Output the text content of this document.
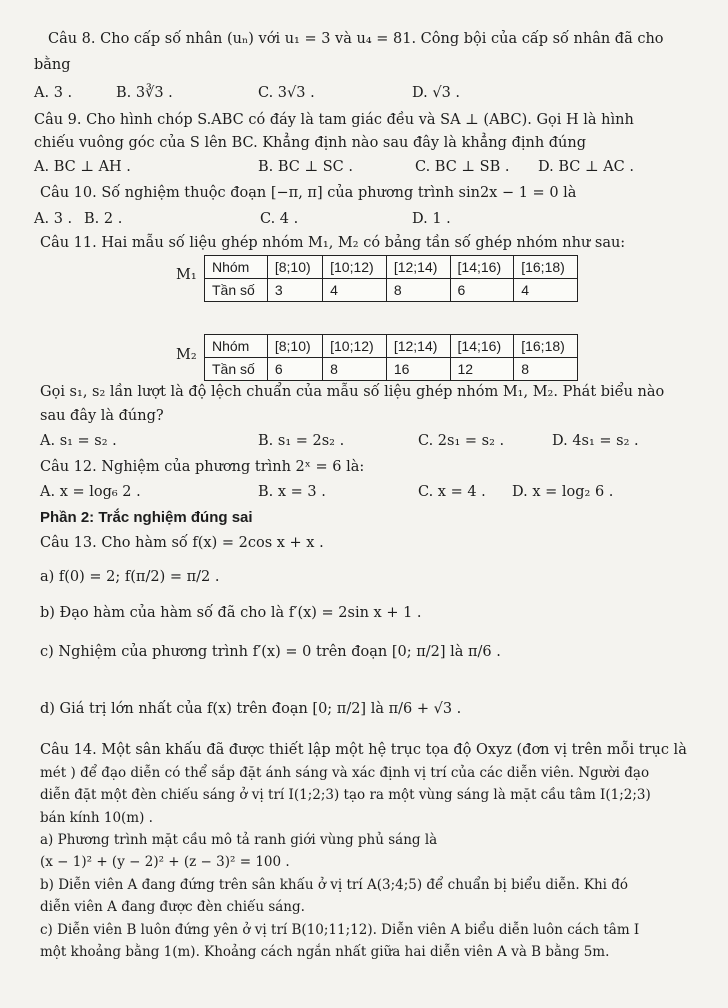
Câu 8. Cho cấp số nhân (uₙ) với u₁ = 3 và u₄ = 81. Công bội của cấp số nhân đã cho
bằng
A. 3 .	B. 3∛3 .	C. 3√3 .	D. √3 .
Câu 9. Cho hình chóp S.ABC có đáy là tam giác đều và SA ⊥ (ABC). Gọi H là hình
chiếu vuông góc của S lên BC. Khẳng định nào sau đây là khẳng định đúng
A. BC ⊥ AH .	B. BC ⊥ SC .	C. BC ⊥ SB . D. BC ⊥ AC .
Câu 10. Số nghiệm thuộc đoạn [−π, π] của phương trình sin2x − 1 = 0 là
A. 3 . B. 2 .	C. 4 .	D. 1 .
Câu 11. Hai mẫu số liệu ghép nhóm M₁, M₂ có bảng tần số ghép nhóm như sau:
M₁ Nhóm	[8;10)	[10;12)	[12;14)	[14;16)	[16;18)
Tần số	3	4	8	6	4
M₂
Nhóm	[8;10)	[10;12)	[12;14)	[14;16)	[16;18)
Tần số	6	8	16	12	8
Gọi s₁, s₂ lần lượt là độ lệch chuẩn của mẫu số liệu ghép nhóm M₁, M₂. Phát biểu nào
sau đây là đúng?
A. s₁ = s₂ .	B. s₁ = 2s₂ .	C. 2s₁ = s₂ .	D. 4s₁ = s₂ .
Câu 12. Nghiệm của phương trình 2ˣ = 6 là:
A. x = log₆ 2 .	B. x = 3 .	C. x = 4 . D. x = log₂ 6 .
Phần 2: Trắc nghiệm đúng sai
Câu 13. Cho hàm số f(x) = 2cos x + x .
a) f(0) = 2; f(π/2) = π/2 .
b) Đạo hàm của hàm số đã cho là f′(x) = 2sin x + 1 .
c) Nghiệm của phương trình f′(x) = 0 trên đoạn [0; π/2] là π/6 .
d) Giá trị lớn nhất của f(x) trên đoạn [0; π/2] là π/6 + √3 .
Câu 14. Một sân khấu đã được thiết lập một hệ trục tọa độ Oxyz (đơn vị trên mỗi trục là
mét ) để đạo diễn có thể sắp đặt ánh sáng và xác định vị trí của các diễn viên. Người đạo
diễn đặt một đèn chiếu sáng ở vị trí I(1;2;3) tạo ra một vùng sáng là mặt cầu tâm I(1;2;3)
bán kính 10(m) .
a) Phương trình mặt cầu mô tả ranh giới vùng phủ sáng là
(x − 1)² + (y − 2)² + (z − 3)² = 100 .
b) Diễn viên A đang đứng trên sân khấu ở vị trí A(3;4;5) để chuẩn bị biểu diễn. Khi đó
diễn viên A đang được đèn chiếu sáng.
c) Diễn viên B luôn đứng yên ở vị trí B(10;11;12). Diễn viên A biểu diễn luôn cách tâm I
một khoảng bằng 1(m). Khoảng cách ngắn nhất giữa hai diễn viên A và B bằng 5m.
